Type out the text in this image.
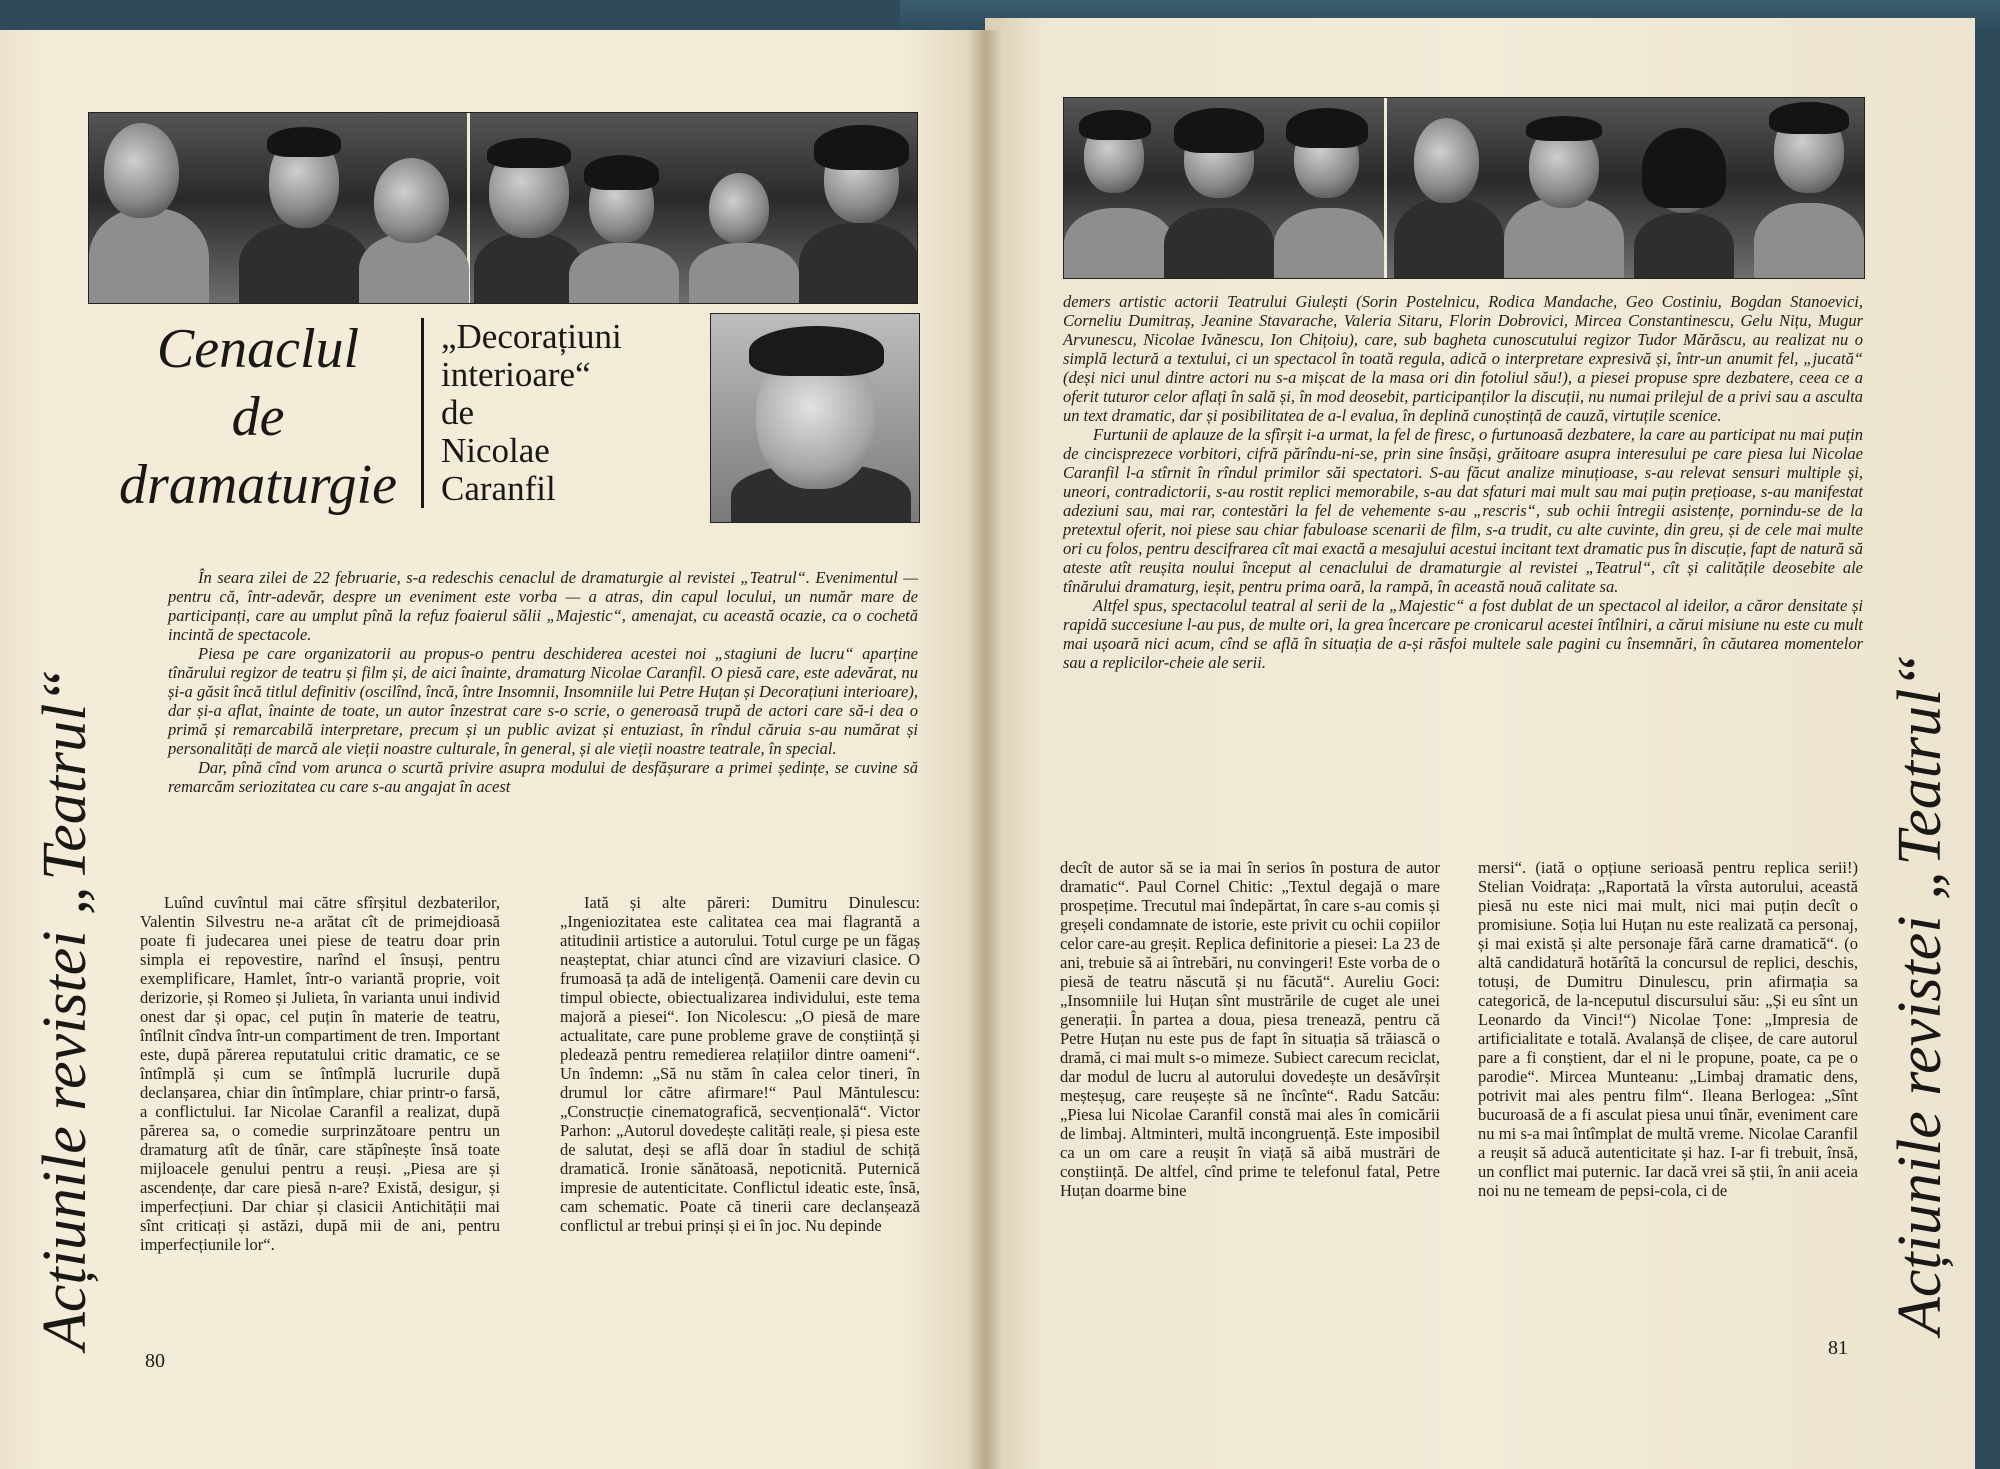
Cenaclul
de
dramaturgie
„Decorațiuni
interioare“
de
Nicolae
Caranfil

În seara zilei de 22 februarie, s-a redeschis cenaclul de dramaturgie al revistei „Teatrul“. Evenimentul — pentru că, într-adevăr, despre un eveniment este vorba — a atras, din capul locului, un număr mare de participanți, care au umplut pînă la refuz foaierul sălii „Majestic“, amenajat, cu această ocazie, ca o cochetă incintă de spectacole.

Piesa pe care organizatorii au propus-o pentru deschiderea acestei noi „stagiuni de lucru“ aparține tînărului regizor de teatru și film și, de aici înainte, dramaturg Nicolae Caranfil. O piesă care, este adevărat, nu și-a găsit încă titlul definitiv (oscilînd, încă, între Insomnii, Insomniile lui Petre Huțan și Decorațiuni interioare), dar și-a aflat, înainte de toate, un autor înzestrat care s-o scrie, o generoasă trupă de actori care să-i dea o primă și remarcabilă interpretare, precum și un public avizat și entuziast, în rîndul căruia s-au numărat și personalități de marcă ale vieții noastre culturale, în general, și ale vieții noastre teatrale, în special.

Dar, pînă cînd vom arunca o scurtă privire asupra modului de desfășurare a primei ședințe, se cuvine să remarcăm seriozitatea cu care s-au angajat în acest

Luînd cuvîntul mai către sfîrșitul dezbaterilor, Valentin Silvestru ne-a arătat cît de primejdioasă poate fi judecarea unei piese de teatru doar prin simpla ei repovestire, narînd el însuși, pentru exemplificare, Hamlet, într-o variantă proprie, voit derizorie, și Romeo și Julieta, în varianta unui individ onest dar și opac, cel puțin în materie de teatru, întîlnit cîndva într-un compartiment de tren. Important este, după părerea reputatului critic dramatic, ce se întîmplă și cum se întîmplă lucrurile după declanșarea, chiar din întîmplare, chiar printr-o farsă, a conflictului. Iar Nicolae Caranfil a realizat, după părerea sa, o comedie surprinzătoare pentru un dramaturg atît de tînăr, care stăpînește însă toate mijloacele genului pentru a reuși. „Piesa are și ascendențe, dar care piesă n-are? Există, desigur, și imperfecțiuni. Dar chiar și clasicii Antichității mai sînt criticați și astăzi, după mii de ani, pentru imperfecțiunile lor“.
Iată și alte păreri: Dumitru Dinulescu: „Ingeniozitatea este calitatea cea mai flagrantă a atitudinii artistice a autorului. Totul curge pe un făgaș neașteptat, chiar atunci cînd are vizaviuri clasice. O frumoasă ța adă de inteligență. Oamenii care devin cu timpul obiecte, obiectualizarea individului, este tema majoră a piesei“. Ion Nicolescu: „O piesă de mare actualitate, care pune probleme grave de conștiință și pledează pentru remedierea relațiilor dintre oameni“. Un îndemn: „Să nu stăm în calea celor tineri, în drumul lor către afirmare!“ Paul Măntulescu: „Construcție cinematografică, secvențională“. Victor Parhon: „Autorul dovedește calități reale, și piesa este de salutat, deși se află doar în stadiul de schiță dramatică. Ironie sănătoasă, nepoticnită. Puternică impresie de autenticitate. Conflictul ideatic este, însă, cam schematic. Poate că tinerii care declanșează conflictul ar trebui prinși și ei în joc. Nu depinde
Acțiunile revistei „Teatrul“
80

demers artistic actorii Teatrului Giulești (Sorin Postelnicu, Rodica Mandache, Geo Costiniu, Bogdan Stanoevici, Corneliu Dumitraș, Jeanine Stavarache, Valeria Sitaru, Florin Dobrovici, Mircea Constantinescu, Gelu Nițu, Mugur Arvunescu, Nicolae Ivănescu, Ion Chițoiu), care, sub bagheta cunoscutului regizor Tudor Mărăscu, au realizat nu o simplă lectură a textului, ci un spectacol în toată regula, adică o interpretare expresivă și, într-un anumit fel, „jucată“ (deși nici unul dintre actori nu s-a mișcat de la masa ori din fotoliul său!), a piesei propuse spre dezbatere, ceea ce a oferit tuturor celor aflați în sală și, în mod deosebit, participanților la discuții, nu numai prilejul de a privi sau a asculta un text dramatic, dar și posibilitatea de a-l evalua, în deplină cunoștință de cauză, virtuțile scenice.

Furtunii de aplauze de la sfîrșit i-a urmat, la fel de firesc, o furtunoasă dezbatere, la care au participat nu mai puțin de cincisprezece vorbitori, cifră părîndu-ni-se, prin sine însăși, grăitoare asupra interesului pe care piesa lui Nicolae Caranfil l-a stîrnit în rîndul primilor săi spectatori. S-au făcut analize minuțioase, s-au relevat sensuri multiple și, uneori, contradictorii, s-au rostit replici memorabile, s-au dat sfaturi mai mult sau mai puțin prețioase, s-au manifestat adeziuni sau, mai rar, contestări la fel de vehemente s-au „rescris“, sub ochii întregii asistențe, pornindu-se de la pretextul oferit, noi piese sau chiar fabuloase scenarii de film, s-a trudit, cu alte cuvinte, din greu, și de cele mai multe ori cu folos, pentru descifrarea cît mai exactă a mesajului acestui incitant text dramatic pus în discuție, fapt de natură să ateste atît reușita noului început al cenaclului de dramaturgie al revistei „Teatrul“, cît și calitățile deosebite ale tînărului dramaturg, ieșit, pentru prima oară, la rampă, în această nouă calitate sa.

Altfel spus, spectacolul teatral al serii de la „Majestic“ a fost dublat de un spectacol al ideilor, a căror densitate și rapidă succesiune l-au pus, de multe ori, la grea încercare pe cronicarul acestei întîlniri, a cărui misiune nu este cu mult mai ușoară nici acum, cînd se află în situația de a-și răsfoi multele sale pagini cu însemnări, în căutarea momentelor sau a replicilor-cheie ale serii.

decît de autor să se ia mai în serios în postura de autor dramatic“. Paul Cornel Chitic: „Textul degajă o mare prospețime. Trecutul mai îndepărtat, în care s-au comis și greșeli condamnate de istorie, este privit cu ochii copiilor celor care-au greșit. Replica definitorie a piesei: La 23 de ani, trebuie să ai întrebări, nu convingeri! Este vorba de o piesă de teatru născută și nu făcută“. Aureliu Goci: „Insomniile lui Huțan sînt mustrările de cuget ale unei generații. În partea a doua, piesa trenează, pentru că Petre Huțan nu este pus de fapt în situația să trăiască o dramă, ci mai mult s-o mimeze. Subiect carecum reciclat, dar modul de lucru al autorului dovedește un desăvîrșit meșteșug, care reușește să ne încînte“. Radu Satcău: „Piesa lui Nicolae Caranfil constă mai ales în comicării de limbaj. Altminteri, multă incongruență. Este imposibil ca un om care a reușit în viață să aibă mustrări de conștiință. De altfel, cînd prime te telefonul fatal, Petre Huțan doarme bine
mersi“. (iată o opțiune serioasă pentru replica serii!) Stelian Voidrața: „Raportată la vîrsta autorului, această piesă nu este nici mai mult, nici mai puțin decît o promisiune. Soția lui Huțan nu este realizată ca personaj, și mai există și alte personaje fără carne dramatică“. (o altă candidatură hotărîtă la concursul de replici, deschis, totuși, de Dumitru Dinulescu, prin afirmația sa categorică, de la-nceputul discursului său: „Și eu sînt un Leonardo da Vinci!“) Nicolae Țone: „Impresia de artificialitate e totală. Avalanșă de clișee, de care autorul pare a fi conștient, dar el ni le propune, poate, ca pe o parodie“. Mircea Munteanu: „Limbaj dramatic dens, potrivit mai ales pentru film“. Ileana Berlogea: „Sînt bucuroasă de a fi asculat piesa unui tînăr, eveniment care nu mi s-a mai întîmplat de multă vreme. Nicolae Caranfil a reușit să aducă autenticitate și haz. I-ar fi trebuit, însă, un conflict mai puternic. Iar dacă vrei să știi, în anii aceia noi nu ne temeam de pepsi-cola, ci de	Acțiunile revistei „Teatrul“
81
